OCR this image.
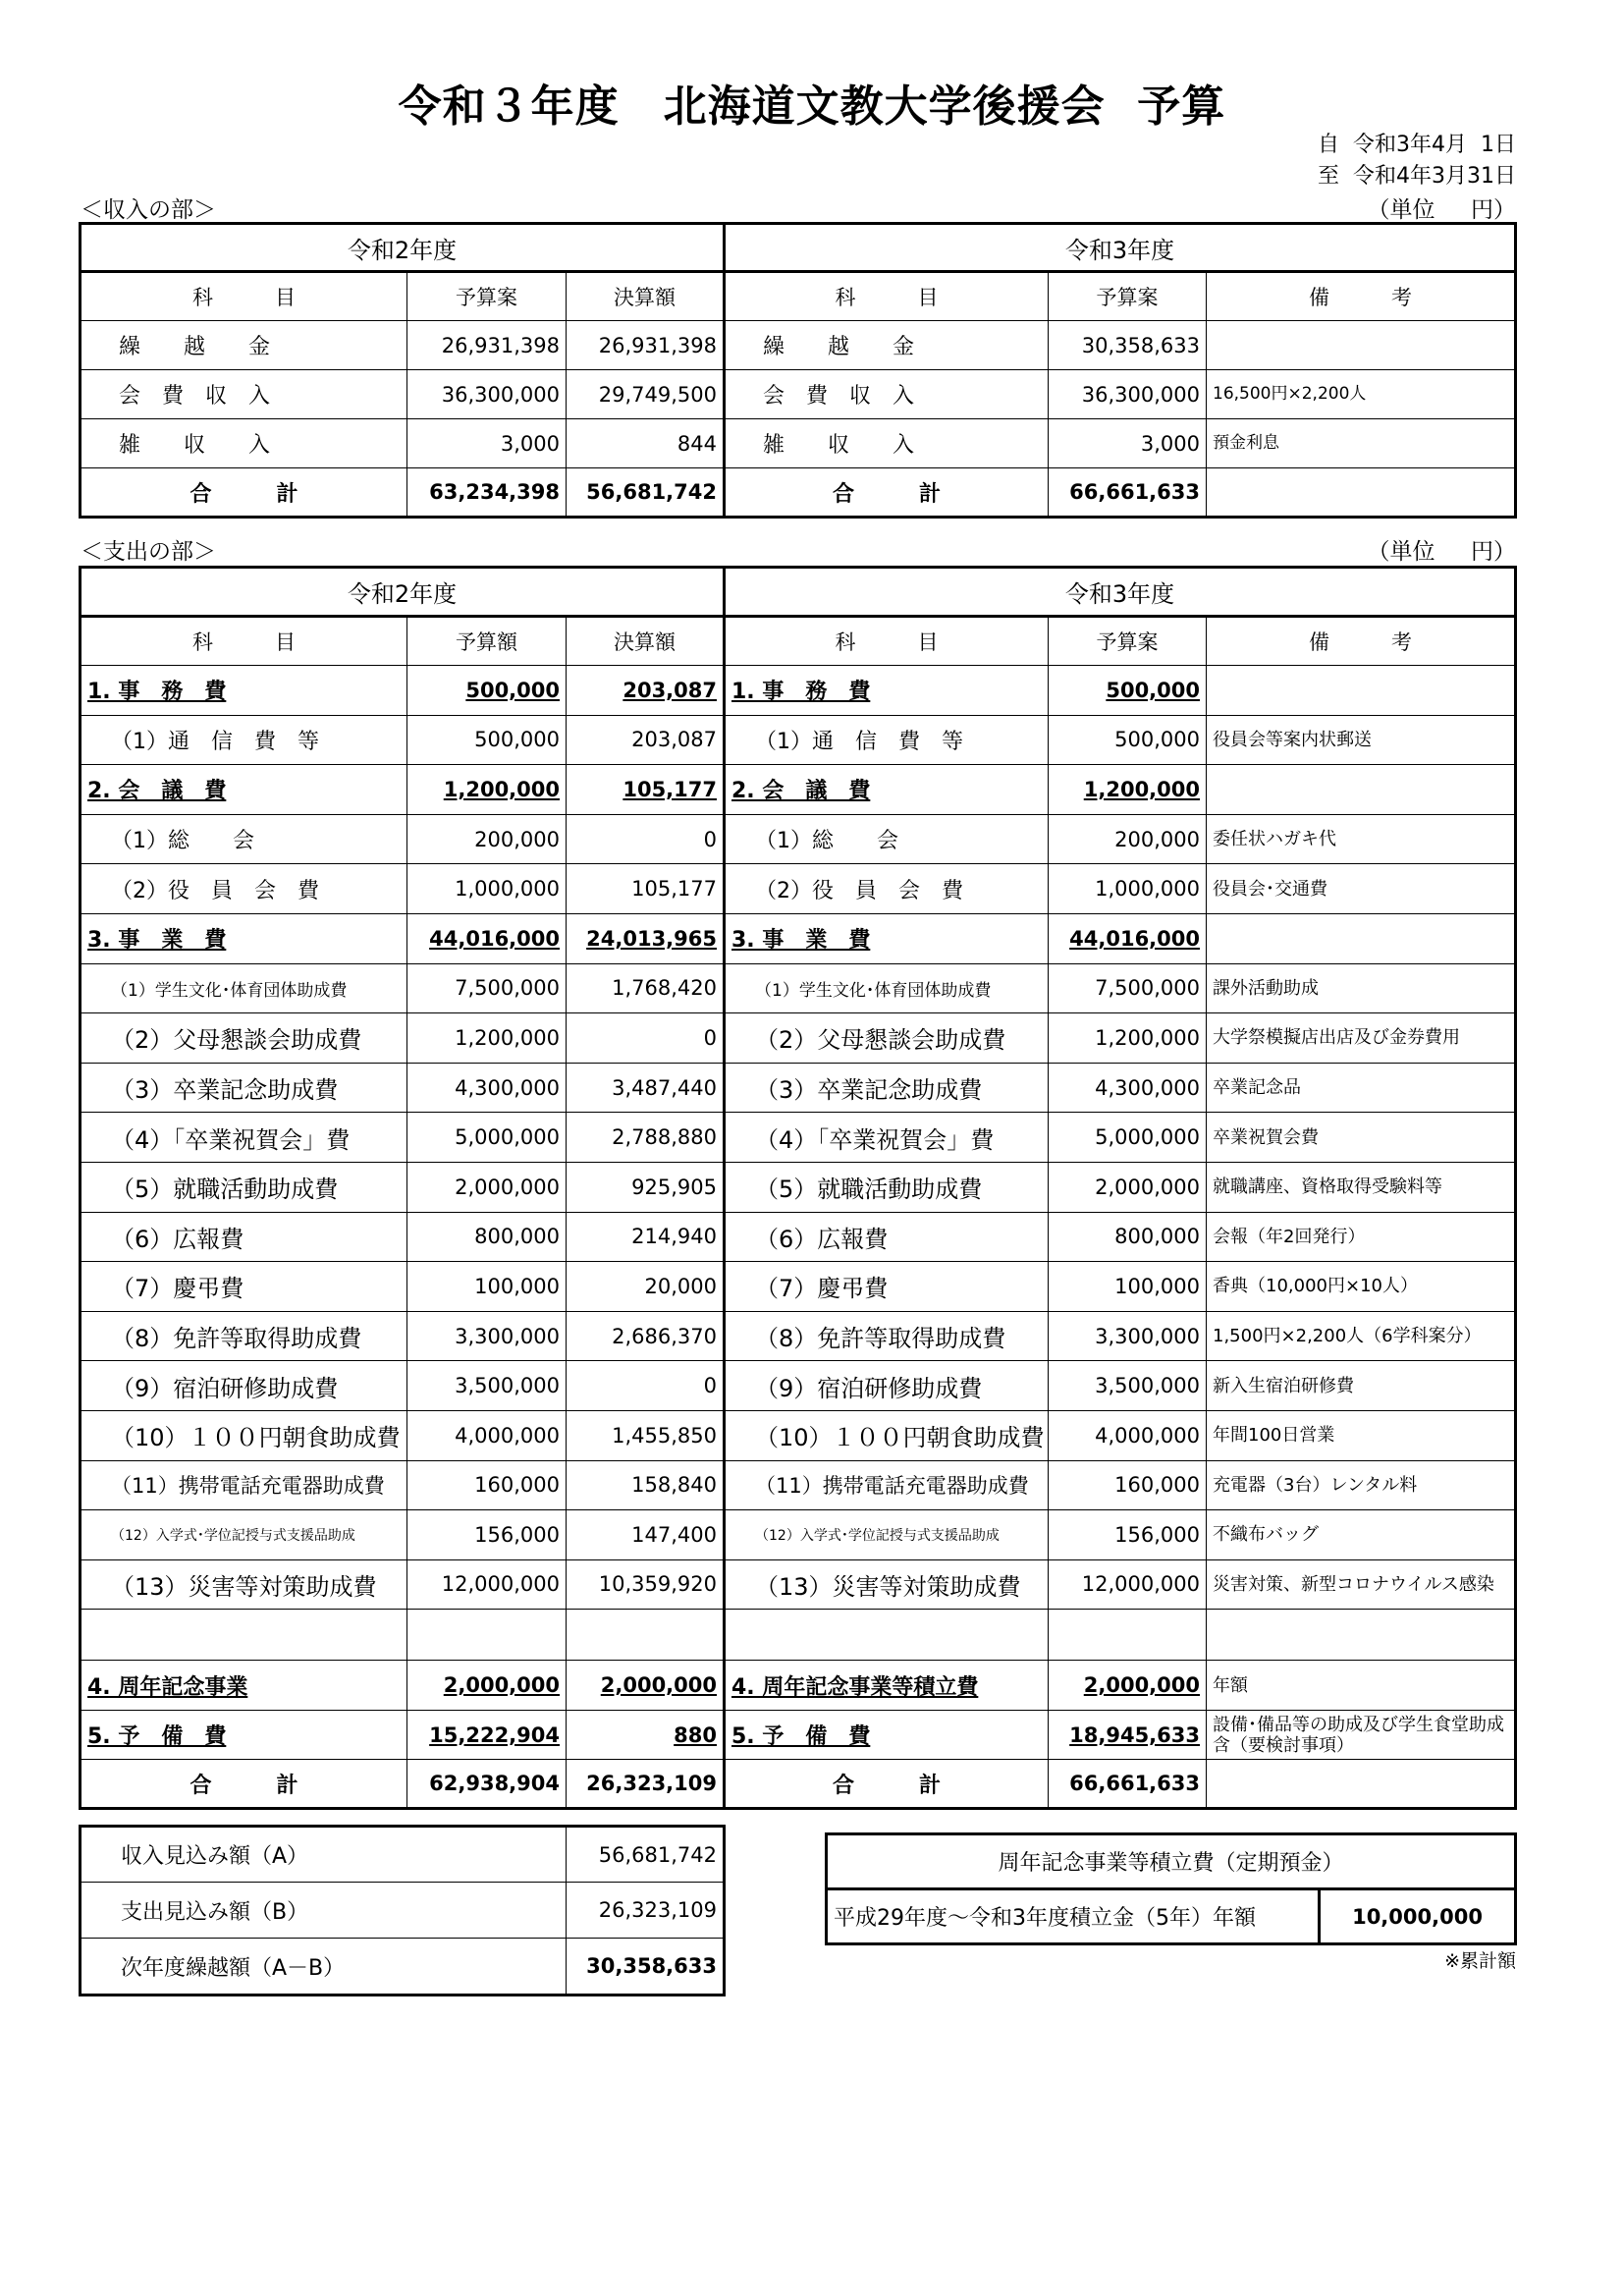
令和３年度　北海道文教大学後援会  予算
自  令和3年4月  1日
至  令和4年3月31日
＜収入の部＞	（単位     円）
令和2年度			令和3年度		
科　　　目	予算案	決算額	科　　　目	予算案	備　　　考
繰　　越　　金	26,931,398	26,931,398	繰　　越　　金	30,358,633	
会　費　収　入	36,300,000	29,749,500	会　費　収　入	36,300,000	16,500円×2,200人
雑　　収　　入	3,000	844	雑　　収　　入	3,000	預金利息
合　　　計	63,234,398	56,681,742	合　　　計	66,661,633	
＜支出の部＞	（単位     円）
令和2年度			令和3年度		
科　　　目	予算額	決算額	科　　　目	予算案	備　　　考
1. 事　務　費	500,000	203,087	1. 事　務　費	500,000	
（1）通　信　費　等	500,000	203,087	（1）通　信　費　等	500,000	役員会等案内状郵送
2. 会　議　費	1,200,000	105,177	2. 会　議　費	1,200,000	
（1）総　　会	200,000	0	（1）総　　会	200,000	委任状ハガキ代
（2）役　員　会　費	1,000,000	105,177	（2）役　員　会　費	1,000,000	役員会･交通費
3. 事　業　費	44,016,000	24,013,965	3. 事　業　費	44,016,000	
（1）学生文化･体育団体助成費	7,500,000	1,768,420	（1）学生文化･体育団体助成費	7,500,000	課外活動助成
（2）父母懇談会助成費	1,200,000	0	（2）父母懇談会助成費	1,200,000	大学祭模擬店出店及び金券費用
（3）卒業記念助成費	4,300,000	3,487,440	（3）卒業記念助成費	4,300,000	卒業記念品
（4）「卒業祝賀会」費	5,000,000	2,788,880	（4）「卒業祝賀会」費	5,000,000	卒業祝賀会費
（5）就職活動助成費	2,000,000	925,905	（5）就職活動助成費	2,000,000	就職講座、資格取得受験料等
（6）広報費	800,000	214,940	（6）広報費	800,000	会報（年2回発行）
（7）慶弔費	100,000	20,000	（7）慶弔費	100,000	香典（10,000円×10人）
（8）免許等取得助成費	3,300,000	2,686,370	（8）免許等取得助成費	3,300,000	1,500円×2,200人（6学科案分）
（9）宿泊研修助成費	3,500,000	0	（9）宿泊研修助成費	3,500,000	新入生宿泊研修費
（10）１００円朝食助成費	4,000,000	1,455,850	（10）１００円朝食助成費	4,000,000	年間100日営業
（11）携帯電話充電器助成費	160,000	158,840	（11）携帯電話充電器助成費	160,000	充電器（3台）レンタル料
（12）入学式･学位記授与式支援品助成	156,000	147,400	（12）入学式･学位記授与式支援品助成	156,000	不織布バッグ
（13）災害等対策助成費	12,000,000	10,359,920	（13）災害等対策助成費	12,000,000	災害対策、新型コロナウイルス感染

4. 周年記念事業	2,000,000	2,000,000	4. 周年記念事業等積立費	2,000,000	年額
5. 予　備　費	15,222,904	880	5. 予　備　費	18,945,633	設備･備品等の助成及び学生食堂助成含（要検討事項）
合　　　計	62,938,904	26,323,109	合　　　計	66,661,633	
収入見込み額（A）	56,681,742
支出見込み額（B）	26,323,109
次年度繰越額（A－B）	30,358,633
周年記念事業等積立費（定期預金）
平成29年度～令和3年度積立金（5年）年額	10,000,000
※累計額
